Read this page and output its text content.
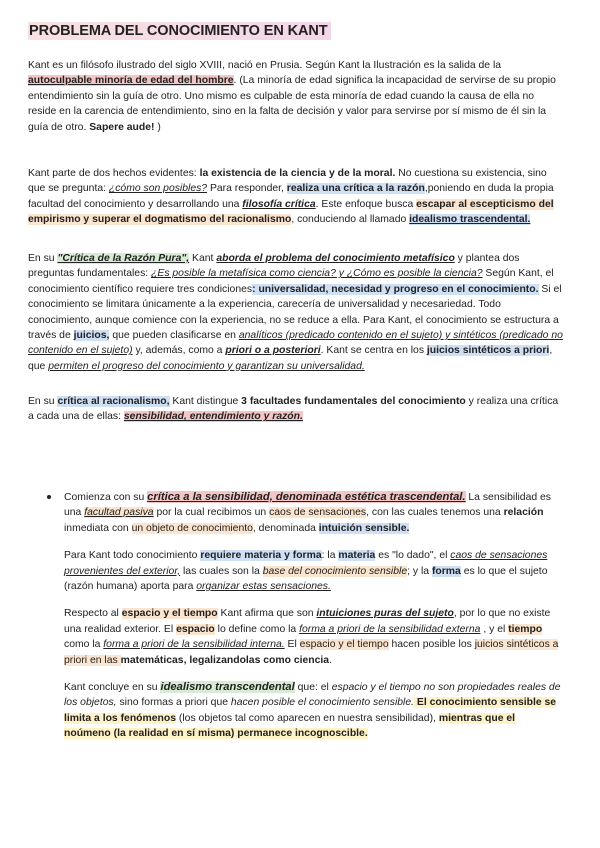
PROBLEMA DEL CONOCIMIENTO EN KANT

Kant es un filósofo ilustrado del siglo XVIII, nació en Prusia. Según Kant la Ilustración es la salida de la autoculpable minoría de edad del hombre. (La minoría de edad significa la incapacidad de servirse de su propio entendimiento sin la guía de otro. Uno mismo es culpable de esta minoría de edad cuando la causa de ella no reside en la carencia de entendimiento, sino en la falta de decisión y valor para servirse por sí mismo de él sin la guía de otro. Sapere aude! )

Kant parte de dos hechos evidentes: la existencia de la ciencia y de la moral. No cuestiona su existencia, sino que se pregunta: ¿cómo son posibles? Para responder, realiza una crítica a la razón,poniendo en duda la propia facultad del conocimiento y desarrollando una filosofía crítica. Este enfoque busca escapar al escepticismo del empirismo y superar el dogmatismo del racionalismo, conduciendo al llamado idealismo trascendental.

En su "Crítica de la Razón Pura", Kant aborda el problema del conocimiento metafísico y plantea dos preguntas fundamentales: ¿Es posible la metafísica como ciencia? y ¿Cómo es posible la ciencia? Según Kant, el conocimiento científico requiere tres condiciones: universalidad, necesidad y progreso en el conocimiento. Si el conocimiento se limitara únicamente a la experiencia, carecería de universalidad y necesariedad. Todo conocimiento, aunque comience con la experiencia, no se reduce a ella. Para Kant, el conocimiento se estructura a través de juicios, que pueden clasificarse en analíticos (predicado contenido en el sujeto) y sintéticos (predicado no contenido en el sujeto) y, además, como a priori o a posteriori. Kant se centra en los juicios sintéticos a priori, que permiten el progreso del conocimiento y garantizan su universalidad.

En su crítica al racionalismo, Kant distingue 3 facultades fundamentales del conocimiento y realiza una crítica a cada una de ellas: sensibilidad, entendimiento y razón.

Comienza con su crítica a la sensibilidad, denominada estética trascendental. La sensibilidad es una facultad pasiva por la cual recibimos un caos de sensaciones, con las cuales tenemos una relación inmediata con un objeto de conocimiento, denominada intuición sensible.

Para Kant todo conocimiento requiere materia y forma: la materia es "lo dado", el caos de sensaciones provenientes del exterior, las cuales son la base del conocimiento sensible; y la forma es lo que el sujeto (razón humana) aporta para organizar estas sensaciones.

Respecto al espacio y el tiempo Kant afirma que son intuiciones puras del sujeto, por lo que no existe una realidad exterior. El espacio lo define como la forma a priori de la sensibilidad externa , y el tiempo como la forma a priori de la sensibilidad interna. El espacio y el tiempo hacen posible los juicios sintéticos a priori en las matemáticas, legalizandolas como ciencia.

Kant concluye en su idealismo transcendental que: el espacio y el tiempo no son propiedades reales de los objetos, sino formas a priori que hacen posible el conocimiento sensible. El conocimiento sensible se limita a los fenómenos (los objetos tal como aparecen en nuestra sensibilidad), mientras que el noúmeno (la realidad en sí misma) permanece incognoscible.
